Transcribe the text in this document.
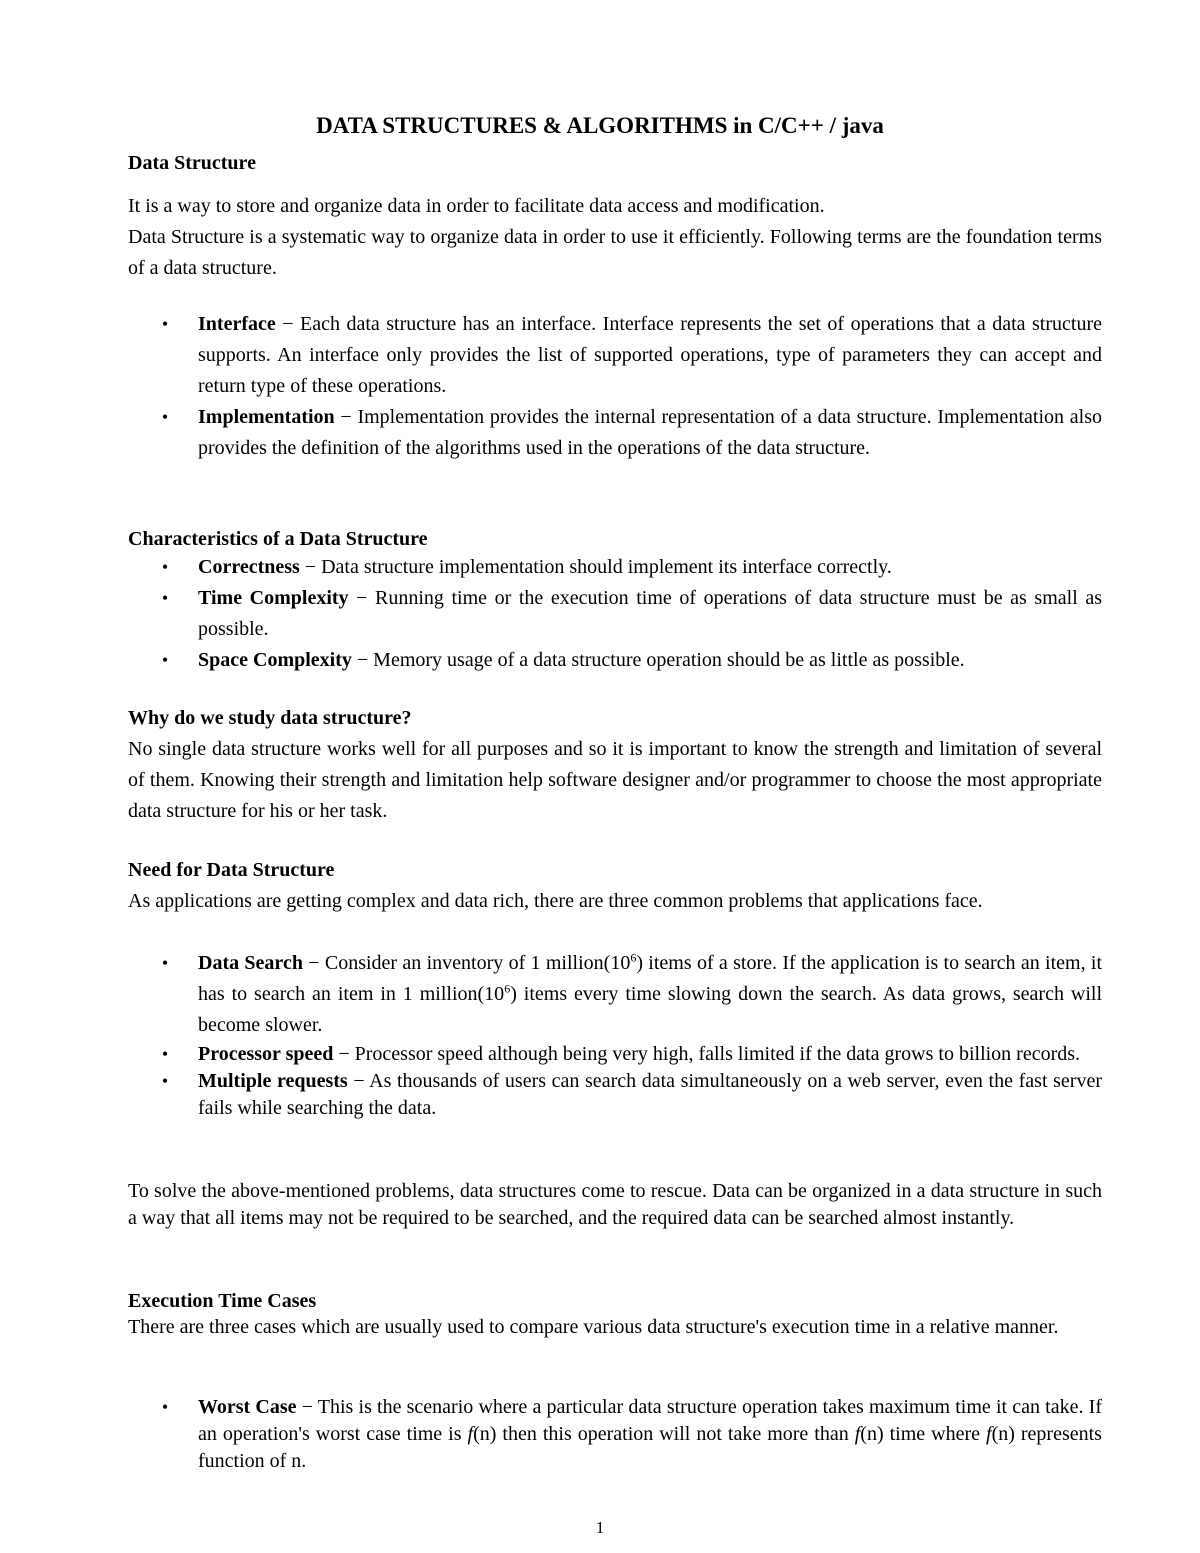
DATA STRUCTURES & ALGORITHMS in C/C++ / java
Data Structure

It is a way to store and organize data in order to facilitate data access and modification.

Data Structure is a systematic way to organize data in order to use it efficiently. Following terms are the foundation terms of a data structure.

• Interface − Each data structure has an interface. Interface represents the set of operations that a data structure supports. An interface only provides the list of supported operations, type of parameters they can accept and return type of these operations.
• Implementation − Implementation provides the internal representation of a data structure. Implementation also provides the definition of the algorithms used in the operations of the data structure.
Characteristics of a Data Structure
• Correctness − Data structure implementation should implement its interface correctly.
• Time Complexity − Running time or the execution time of operations of data structure must be as small as possible.
• Space Complexity − Memory usage of a data structure operation should be as little as possible.
Why do we study data structure?

No single data structure works well for all purposes and so it is important to know the strength and limitation of several of them. Knowing their strength and limitation help software designer and/or programmer to choose the most appropriate data structure for his or her task.

Need for Data Structure

As applications are getting complex and data rich, there are three common problems that applications face.

• Data Search − Consider an inventory of 1 $million(10^6)$ items of a store. If the application is to search an item, it has to search an item in 1 $million(10^6)$ items every time slowing down the search. As data grows, search will become slower.
• Processor speed − Processor speed although being very high, falls limited if the data grows to billion records.
• Multiple requests − As thousands of users can search data simultaneously on a web server, even the fast server fails while searching the data.

To solve the above-mentioned problems, data structures come to rescue. Data can be organized in a data structure in such a way that all items may not be required to be searched, and the required data can be searched almost instantly.

Execution Time Cases

There are three cases which are usually used to compare various data structure's execution time in a relative manner.

• Worst Case − This is the scenario where a particular data structure operation takes maximum time it can take. If an operation's worst case time is f(n) then this operation will not take more than f(n) time where f(n) represents function of n.
1
